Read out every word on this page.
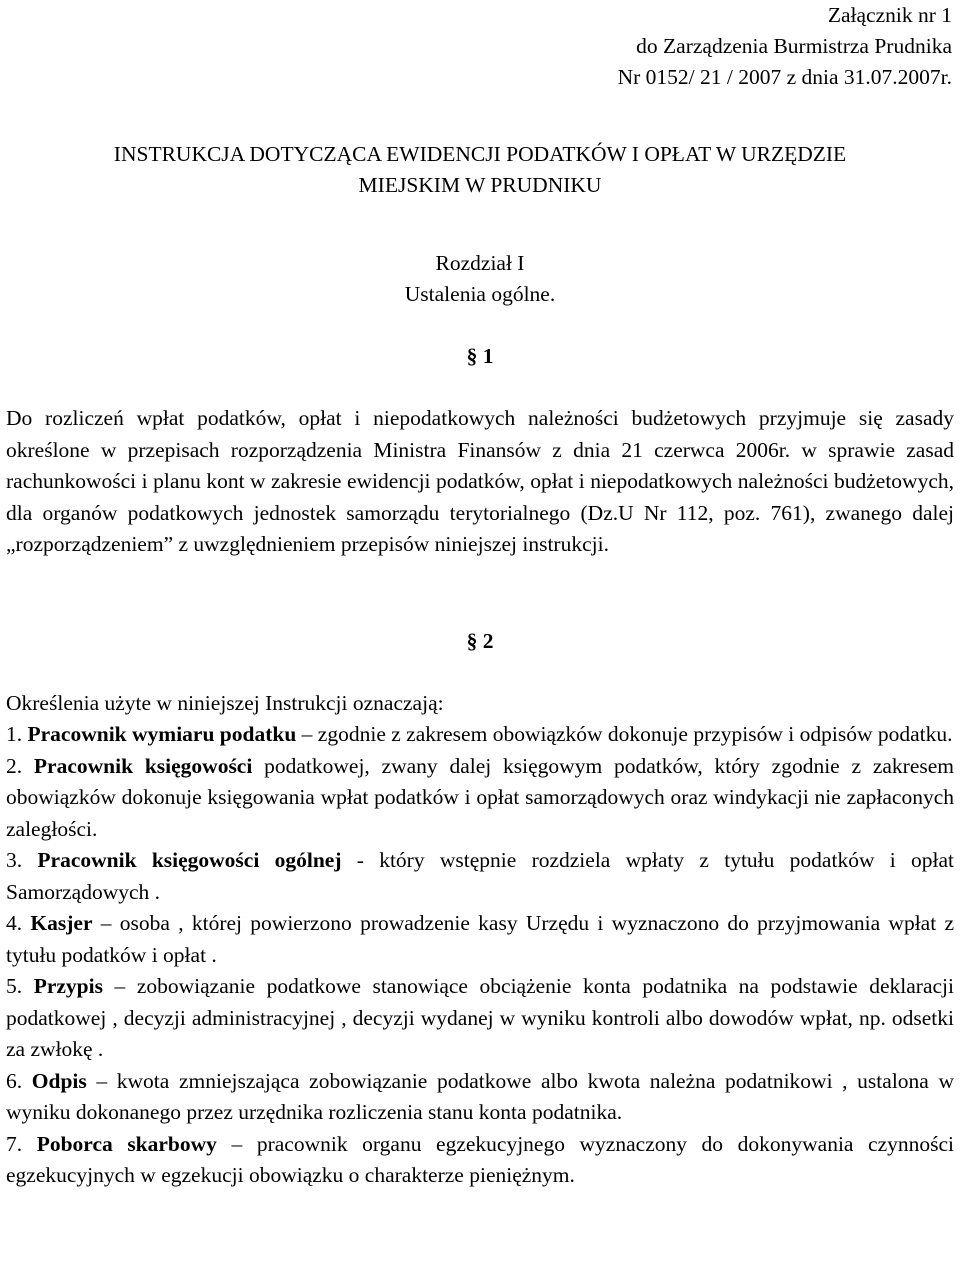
Załącznik nr 1
do Zarządzenia Burmistrza Prudnika
Nr 0152/ 21 / 2007 z dnia 31.07.2007r.
INSTRUKCJA DOTYCZĄCA EWIDENCJI PODATKÓW I OPŁAT W URZĘDZIE
MIEJSKIM W PRUDNIKU
Rozdział I
Ustalenia ogólne.
§ 1
Do rozliczeń wpłat podatków, opłat i niepodatkowych należności budżetowych przyjmuje się zasady określone w przepisach rozporządzenia Ministra Finansów z dnia 21 czerwca 2006r. w sprawie zasad rachunkowości i planu kont w zakresie ewidencji podatków, opłat i niepodatkowych należności budżetowych, dla organów podatkowych jednostek samorządu terytorialnego (Dz.U Nr 112, poz. 761), zwanego dalej „rozporządzeniem” z uwzględnieniem przepisów niniejszej instrukcji.
§ 2
Określenia użyte w niniejszej Instrukcji oznaczają:
1. Pracownik wymiaru podatku – zgodnie z zakresem obowiązków dokonuje przypisów i odpisów podatku.
2. Pracownik księgowości podatkowej, zwany dalej księgowym podatków, który zgodnie z zakresem obowiązków dokonuje księgowania wpłat podatków i opłat samorządowych oraz windykacji nie zapłaconych zaległości.
3. Pracownik księgowości ogólnej - który wstępnie rozdziela wpłaty z tytułu podatków i opłat Samorządowych .
4. Kasjer – osoba , której powierzono prowadzenie kasy Urzędu i wyznaczono do przyjmowania wpłat z tytułu podatków i opłat .
5. Przypis – zobowiązanie podatkowe stanowiące obciążenie konta podatnika na podstawie deklaracji podatkowej , decyzji administracyjnej , decyzji wydanej w wyniku kontroli albo dowodów wpłat, np. odsetki za zwłokę .
6. Odpis – kwota zmniejszająca zobowiązanie podatkowe albo kwota należna podatnikowi , ustalona w wyniku dokonanego przez urzędnika rozliczenia stanu konta podatnika.
7. Poborca skarbowy – pracownik organu egzekucyjnego wyznaczony do dokonywania czynności egzekucyjnych w egzekucji obowiązku o charakterze pieniężnym.
